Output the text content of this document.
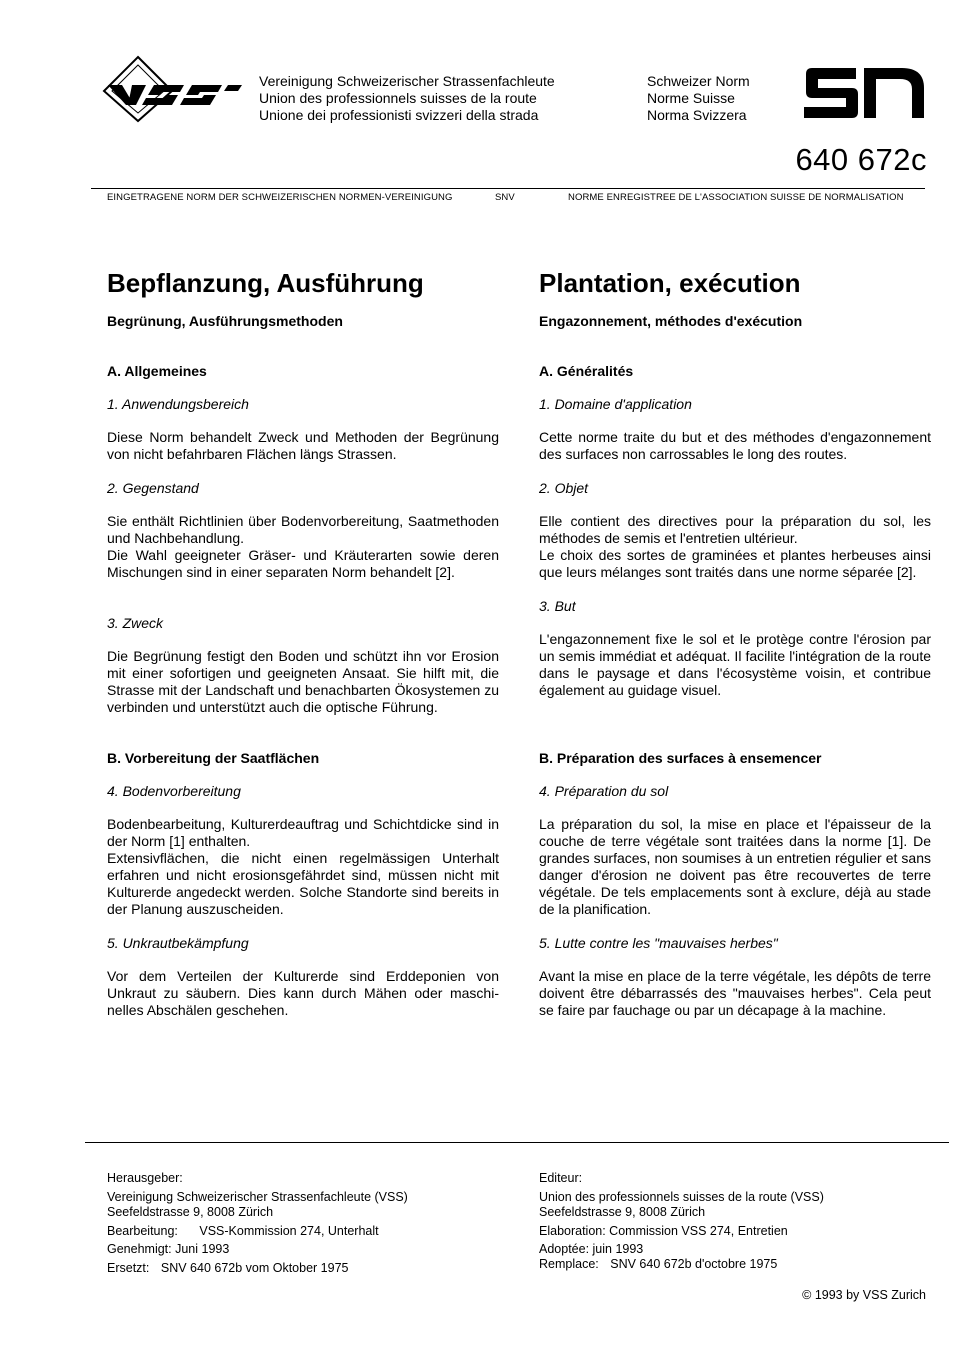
Vereinigung Schweizerischer Strassenfachleute
Union des professionnels suisses de la route
Unione dei professionisti svizzeri della strada
Schweizer Norm
Norme Suisse
Norma Svizzera
640 672c
EINGETRAGENE NORM DER SCHWEIZERISCHEN NORMEN-VEREINIGUNG	SNV	NORME ENREGISTREE DE L'ASSOCIATION SUISSE DE NORMALISATION
Bepflanzung, Ausführung

Begrünung, Ausführungsmethoden

A. Allgemeines

1. Anwendungsbereich

Diese Norm behandelt Zweck und Methoden der Begrünung von nicht befahrbaren Flächen längs Strassen.

2. Gegenstand

Sie enthält Richtlinien über Bodenvorbereitung, Saatmethoden und Nachbehandlung.

Die Wahl geeigneter Gräser- und Kräuterarten sowie deren Mischungen sind in einer separaten Norm behandelt [2].

3. Zweck

Die Begrünung festigt den Boden und schützt ihn vor Erosion mit einer sofortigen und geeigneten Ansaat. Sie hilft mit, die Strasse mit der Landschaft und benachbarten Ökosystemen zu verbinden und unterstützt auch die optische Führung.

B. Vorbereitung der Saatflächen

4. Bodenvorbereitung

Bodenbearbeitung, Kulturerdeauftrag und Schichtdicke sind in der Norm [1] enthalten.

Extensivflächen, die nicht einen regelmässigen Unterhalt erfahren und nicht erosionsgefährdet sind, müssen nicht mit Kulturerde angedeckt werden. Solche Standorte sind bereits in der Planung auszuscheiden.

5. Unkrautbekämpfung

Vor dem Verteilen der Kulturerde sind Erddeponien von Unkraut zu säubern. Dies kann durch Mähen oder maschinelles Abschälen geschehen.

Plantation, exécution

Engazonnement, méthodes d'exécution

A. Généralités

1. Domaine d'application

Cette norme traite du but et des méthodes d'engazonnement des surfaces non carrossables le long des routes.

2. Objet

Elle contient des directives pour la préparation du sol, les méthodes de semis et l'entretien ultérieur.

Le choix des sortes de graminées et plantes herbeuses ainsi que leurs mélanges sont traités dans une norme séparée [2].

3. But

L'engazonnement fixe le sol et le protège contre l'érosion par un semis immédiat et adéquat. Il facilite l'intégration de la route dans le paysage et dans l'écosystème voisin, et contribue également au guidage visuel.

B. Préparation des surfaces à ensemencer

4. Préparation du sol

La préparation du sol, la mise en place et l'épaisseur de la couche de terre végétale sont traitées dans la norme [1]. De grandes surfaces, non soumises à un entretien régulier et sans danger d'érosion ne doivent pas être recouvertes de terre végétale. De tels emplacements sont à exclure, déjà au stade de la planification.

5. Lutte contre les "mauvaises herbes"

Avant la mise en place de la terre végétale, les dépôts de terre doivent être débarrassés des "mauvaises herbes". Cela peut se faire par fauchage ou par un décapage à la machine.

Herausgeber:
Vereinigung Schweizerischer Strassenfachleute (VSS)
Seefeldstrasse 9, 8008 Zürich
Bearbeitung: VSS-Kommission 274, Unterhalt
Genehmigt: Juni 1993
Ersetzt: SNV 640 672b vom Oktober 1975
Editeur:
Union des professionnels suisses de la route (VSS)
Seefeldstrasse 9, 8008 Zürich
Elaboration: Commission VSS 274, Entretien
Adoptée: juin 1993
Remplace: SNV 640 672b d'octobre 1975
© 1993 by VSS Zurich
